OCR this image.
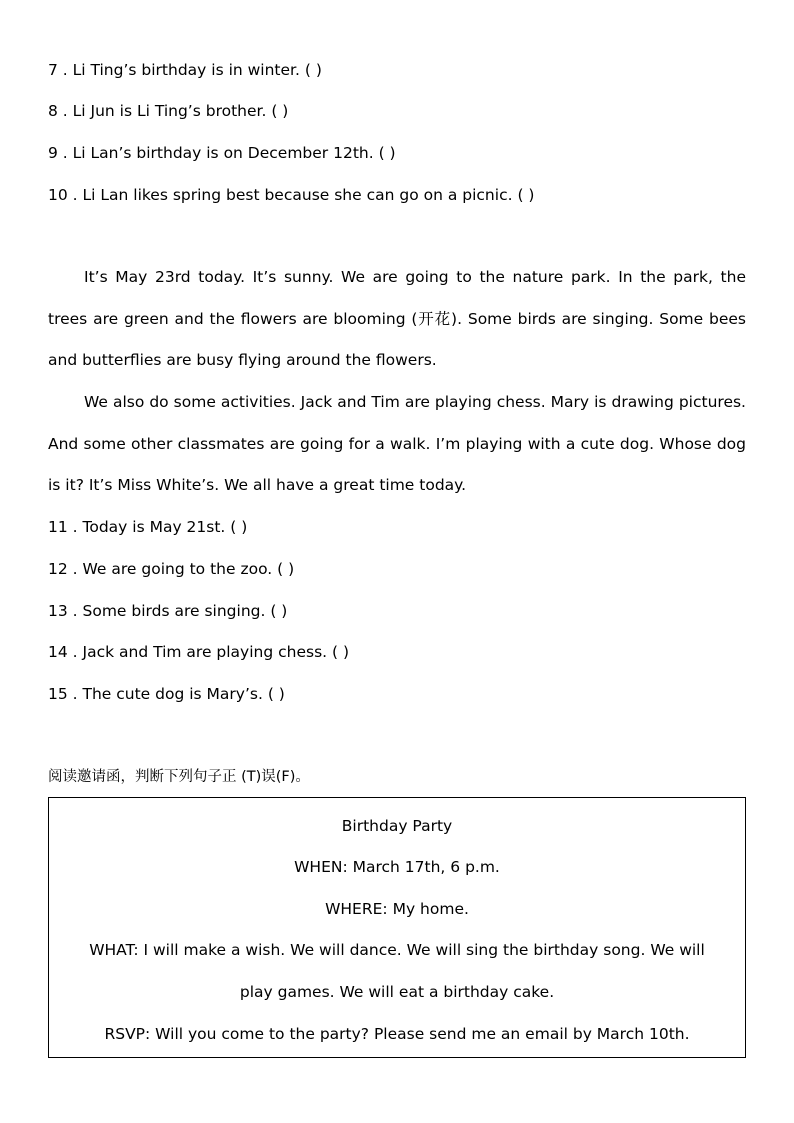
7 . Li Ting’s birthday is in winter. ( )
8 . Li Jun is Li Ting’s brother. ( )
9 . Li Lan’s birthday is on December 12th. ( )
10 . Li Lan likes spring best because she can go on a picnic. ( )
It’s May 23rd today. It’s sunny. We are going to the nature park. In the park, the trees are green and the flowers are blooming (开花). Some birds are singing. Some bees and butterflies are busy flying around the flowers.
We also do some activities. Jack and Tim are playing chess. Mary is drawing pictures. And some other classmates are going for a walk. I’m playing with a cute dog. Whose dog is it? It’s Miss White’s. We all have a great time today.
11 . Today is May 21st. ( )
12 . We are going to the zoo. ( )
13 . Some birds are singing. ( )
14 . Jack and Tim are playing chess. ( )
15 . The cute dog is Mary’s. ( )
阅读邀请函，判断下列句子正 (T)误(F)。
Birthday Party
WHEN: March 17th, 6 p.m.
WHERE: My home.
WHAT: I will make a wish. We will dance. We will sing the birthday song. We will
play games. We will eat a birthday cake.
RSVP: Will you come to the party? Please send me an email by March 10th.
